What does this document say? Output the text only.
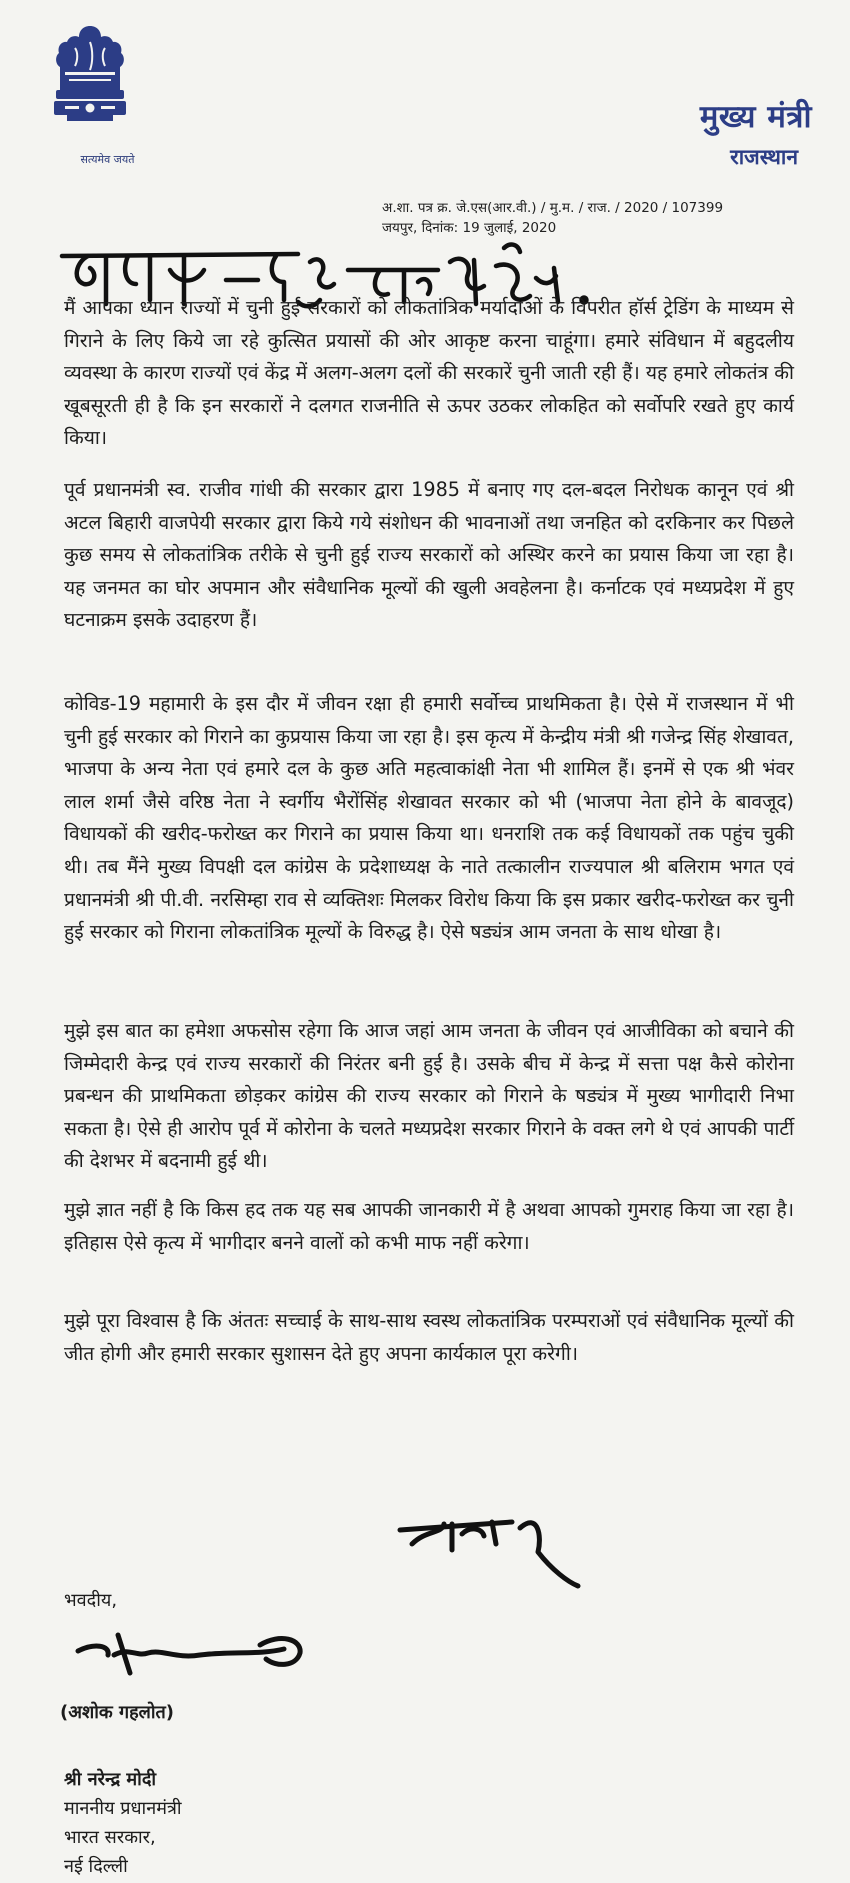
सत्यमेव जयते
मुख्य मंत्री
राजस्थान
अ.शा. पत्र क्र. जे.एस(आर.वी.) / मु.म. / राज. / 2020 / 107399
जयपुर, दिनांक: 19 जुलाई, 2020

मैं आपका ध्यान राज्यों में चुनी हुई सरकारों को लोकतांत्रिक मर्यादाओं के विपरीत हॉर्स ट्रेडिंग के माध्यम से गिराने के लिए किये जा रहे कुत्सित प्रयासों की ओर आकृष्ट करना चाहूंगा। हमारे संविधान में बहुदलीय व्यवस्था के कारण राज्यों एवं केंद्र में अलग-अलग दलों की सरकारें चुनी जाती रही हैं। यह हमारे लोकतंत्र की खूबसूरती ही है कि इन सरकारों ने दलगत राजनीति से ऊपर उठकर लोकहित को सर्वोपरि रखते हुए कार्य किया।

पूर्व प्रधानमंत्री स्व. राजीव गांधी की सरकार द्वारा 1985 में बनाए गए दल-बदल निरोधक कानून एवं श्री अटल बिहारी वाजपेयी सरकार द्वारा किये गये संशोधन की भावनाओं तथा जनहित को दरकिनार कर पिछले कुछ समय से लोकतांत्रिक तरीके से चुनी हुई राज्य सरकारों को अस्थिर करने का प्रयास किया जा रहा है। यह जनमत का घोर अपमान और संवैधानिक मूल्यों की खुली अवहेलना है। कर्नाटक एवं मध्यप्रदेश में हुए घटनाक्रम इसके उदाहरण हैं।

कोविड-19 महामारी के इस दौर में जीवन रक्षा ही हमारी सर्वोच्च प्राथमिकता है। ऐसे में राजस्थान में भी चुनी हुई सरकार को गिराने का कुप्रयास किया जा रहा है। इस कृत्य में केन्द्रीय मंत्री श्री गजेन्द्र सिंह शेखावत, भाजपा के अन्य नेता एवं हमारे दल के कुछ अति महत्वाकांक्षी नेता भी शामिल हैं। इनमें से एक श्री भंवर लाल शर्मा जैसे वरिष्ठ नेता ने स्वर्गीय भैरोंसिंह शेखावत सरकार को भी (भाजपा नेता होने के बावजूद) विधायकों की खरीद-फरोख्त कर गिराने का प्रयास किया था। धनराशि तक कई विधायकों तक पहुंच चुकी थी। तब मैंने मुख्य विपक्षी दल कांग्रेस के प्रदेशाध्यक्ष के नाते तत्कालीन राज्यपाल श्री बलिराम भगत एवं प्रधानमंत्री श्री पी.वी. नरसिम्हा राव से व्यक्तिशः मिलकर विरोध किया कि इस प्रकार खरीद-फरोख्त कर चुनी हुई सरकार को गिराना लोकतांत्रिक मूल्यों के विरुद्ध है। ऐसे षड्यंत्र आम जनता के साथ धोखा है।

मुझे इस बात का हमेशा अफसोस रहेगा कि आज जहां आम जनता के जीवन एवं आजीविका को बचाने की जिम्मेदारी केन्द्र एवं राज्य सरकारों की निरंतर बनी हुई है। उसके बीच में केन्द्र में सत्ता पक्ष कैसे कोरोना प्रबन्धन की प्राथमिकता छोड़कर कांग्रेस की राज्य सरकार को गिराने के षड्यंत्र में मुख्य भागीदारी निभा सकता है। ऐसे ही आरोप पूर्व में कोरोना के चलते मध्यप्रदेश सरकार गिराने के वक्त लगे थे एवं आपकी पार्टी की देशभर में बदनामी हुई थी।

मुझे ज्ञात नहीं है कि किस हद तक यह सब आपकी जानकारी में है अथवा आपको गुमराह किया जा रहा है। इतिहास ऐसे कृत्य में भागीदार बनने वालों को कभी माफ नहीं करेगा।

मुझे पूरा विश्वास है कि अंततः सच्चाई के साथ-साथ स्वस्थ लोकतांत्रिक परम्पराओं एवं संवैधानिक मूल्यों की जीत होगी और हमारी सरकार सुशासन देते हुए अपना कार्यकाल पूरा करेगी।

भवदीय,
(अशोक गहलोत)
श्री नरेन्द्र मोदी
माननीय प्रधानमंत्री
भारत सरकार,
नई दिल्ली
